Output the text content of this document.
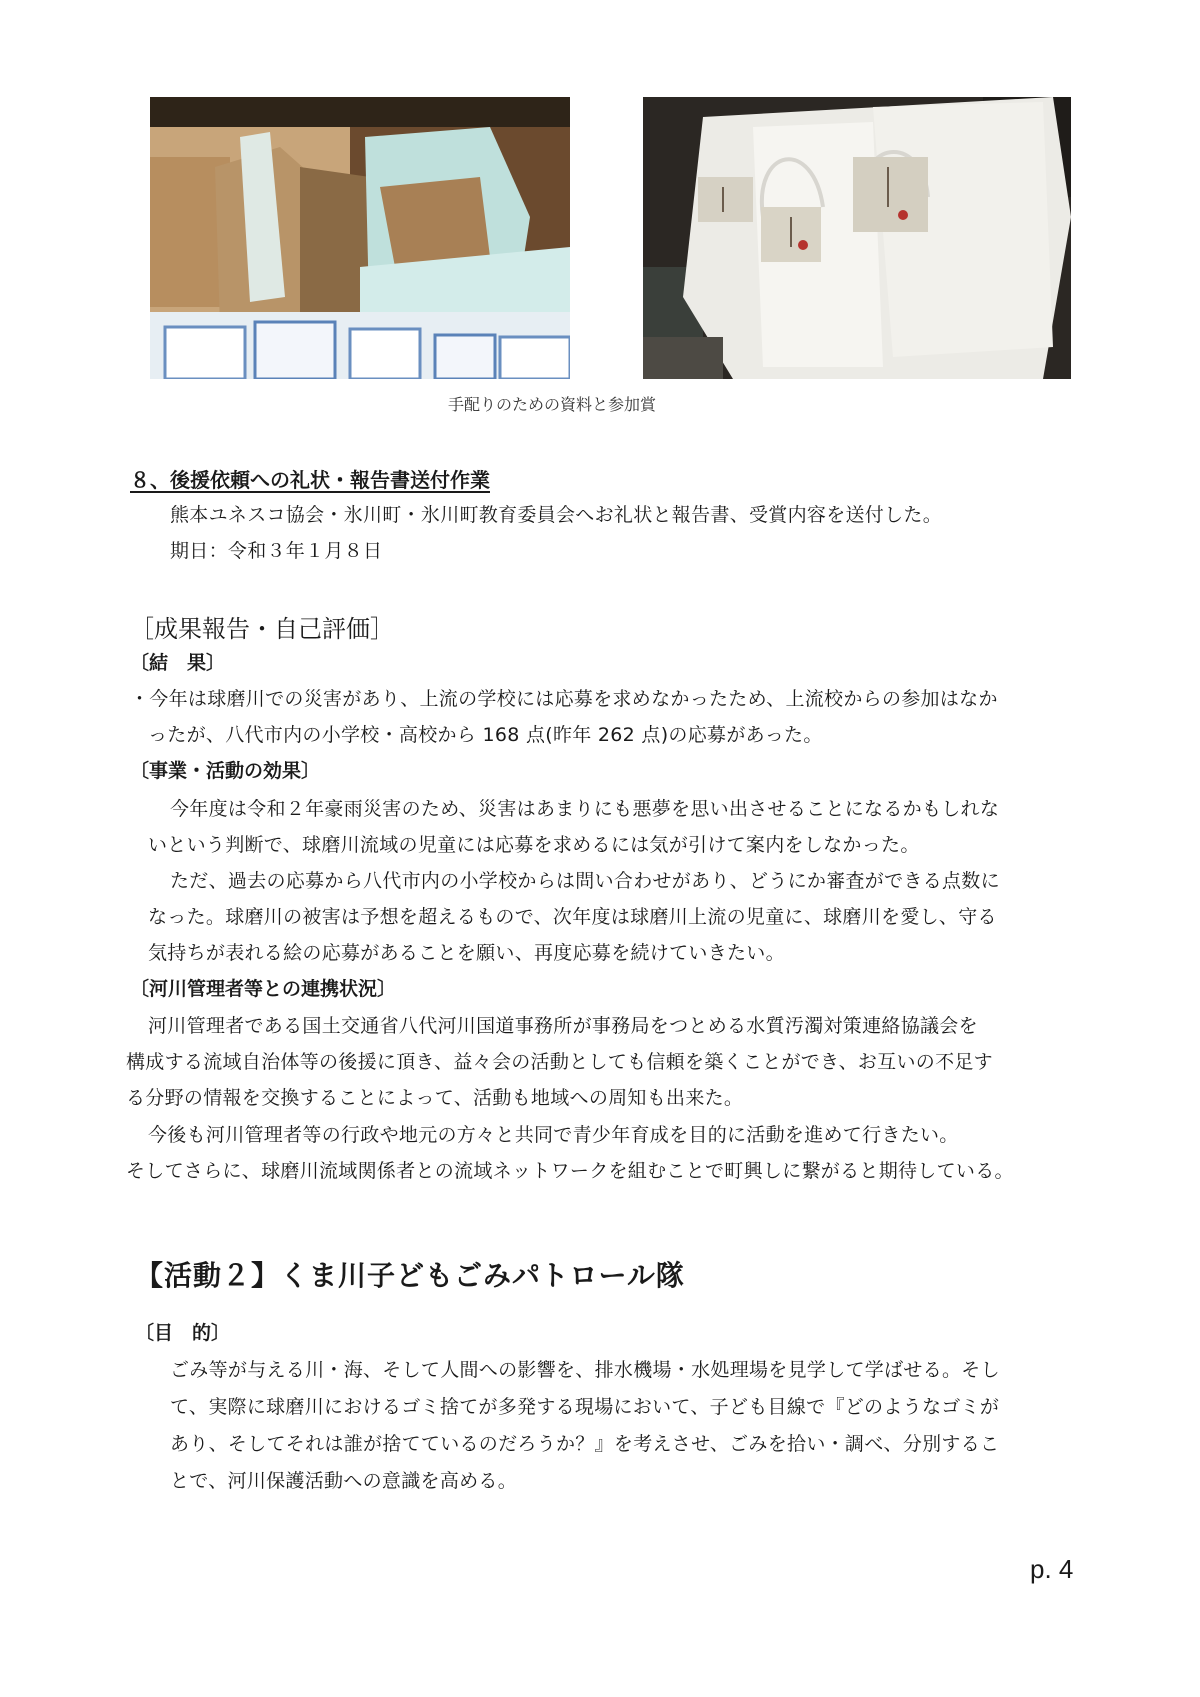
手配りのための資料と参加賞

８、後援依頼への礼状・報告書送付作業

熊本ユネスコ協会・氷川町・氷川町教育委員会へお礼状と報告書、受賞内容を送付した。

期日：令和３年１月８日

［成果報告・自己評価］

〔結　果〕

・今年は球磨川での災害があり、上流の学校には応募を求めなかったため、上流校からの参加はなか

ったが、八代市内の小学校・高校から 168 点(昨年 262 点)の応募があった。

〔事業・活動の効果〕

今年度は令和２年豪雨災害のため、災害はあまりにも悪夢を思い出させることになるかもしれな

いという判断で、球磨川流域の児童には応募を求めるには気が引けて案内をしなかった。

ただ、過去の応募から八代市内の小学校からは問い合わせがあり、どうにか審査ができる点数に

なった。球磨川の被害は予想を超えるもので、次年度は球磨川上流の児童に、球磨川を愛し、守る

気持ちが表れる絵の応募があることを願い、再度応募を続けていきたい。

〔河川管理者等との連携状況〕

河川管理者である国土交通省八代河川国道事務所が事務局をつとめる水質汚濁対策連絡協議会を

構成する流域自治体等の後援に頂き、益々会の活動としても信頼を築くことができ、お互いの不足す

る分野の情報を交換することによって、活動も地域への周知も出来た。

今後も河川管理者等の行政や地元の方々と共同で青少年育成を目的に活動を進めて行きたい。

そしてさらに、球磨川流域関係者との流域ネットワークを組むことで町興しに繋がると期待している。

【活動２】くま川子どもごみパトロール隊

〔目　的〕

ごみ等が与える川・海、そして人間への影響を、排水機場・水処理場を見学して学ばせる。そし

て、実際に球磨川におけるゴミ捨てが多発する現場において、子ども目線で『どのようなゴミが

あり、そしてそれは誰が捨てているのだろうか？』を考えさせ、ごみを拾い・調べ、分別するこ

とで、河川保護活動への意識を高める。

p. 4
